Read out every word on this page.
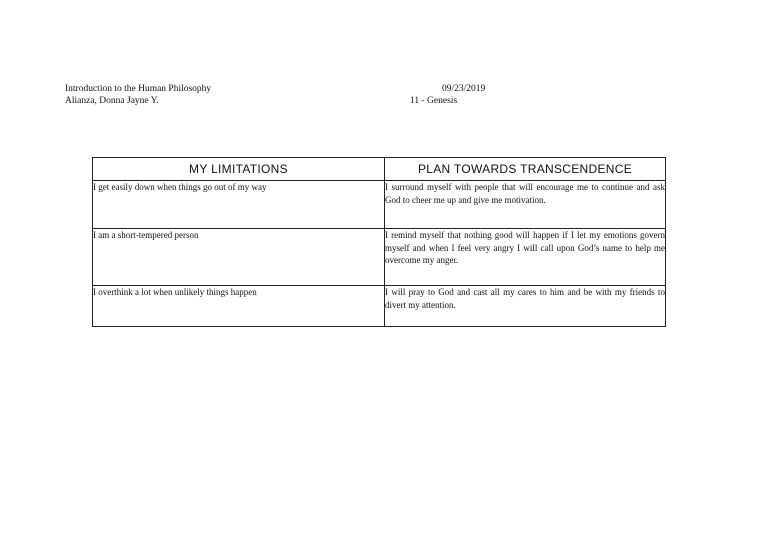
Introduction to the Human Philosophy
Alianza, Donna Jayne Y.
09/23/2019
11 - Genesis
MY LIMITATIONS	PLAN TOWARDS TRANSCENDENCE
I get easily down when things go out of my way	I surround myself with people that will encourage me to continue and ask God to cheer me up and give me motivation.
I am a short-tempered person	I remind myself that nothing good will happen if I let my emotions govern myself and when I feel very angry I will call upon God’s name to help me overcome my anger.
I overthink a lot when unlikely things happen	I will pray to God and cast all my cares to him and be with my friends to divert my attention.
